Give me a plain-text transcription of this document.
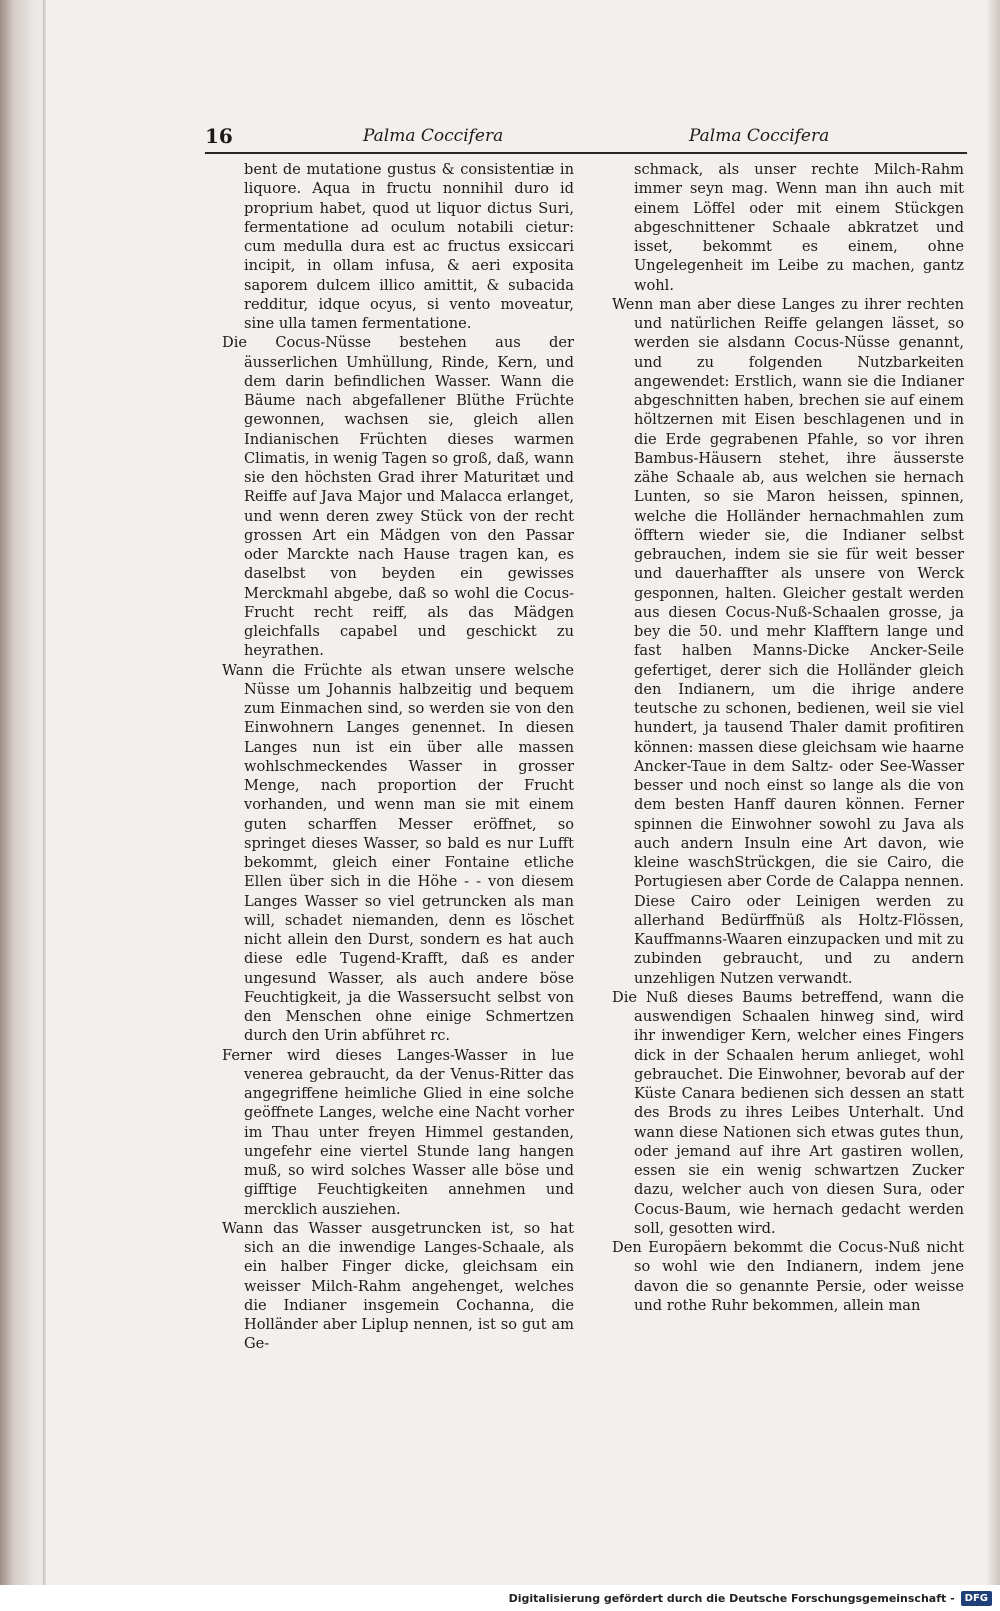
16	Palma Coccifera	Palma Coccifera

bent de mutatione gustus & consistentiæ in liquore. Aqua in fructu nonnihil duro id proprium habet, quod ut liquor dictus Suri, fermentatione ad oculum notabili cietur: cum medulla dura est ac fructus exsiccari incipit, in ollam infusa, & aeri exposita saporem dulcem illico amittit, & subacida redditur, idque ocyus, si vento moveatur, sine ulla tamen fermentatione.

Die Cocus-Nüsse bestehen aus der äusserlichen Umhüllung, Rinde, Kern, und dem darin befindlichen Wasser. Wann die Bäume nach abgefallener Blüthe Früchte gewonnen, wachsen sie, gleich allen Indianischen Früchten dieses warmen Climatis, in wenig Tagen so groß, daß, wann sie den höchsten Grad ihrer Maturitæt und Reiffe auf Java Major und Malacca erlanget, und wenn deren zwey Stück von der recht grossen Art ein Mädgen von den Passar oder Marckte nach Hause tragen kan, es daselbst von beyden ein gewisses Merckmahl abgebe, daß so wohl die Cocus-Frucht recht reiff, als das Mädgen gleichfalls capabel und geschickt zu heyrathen.

Wann die Früchte als etwan unsere welsche Nüsse um Johannis halbzeitig und bequem zum Einmachen sind, so werden sie von den Einwohnern Langes genennet. In diesen Langes nun ist ein über alle massen wohlschmeckendes Wasser in grosser Menge, nach proportion der Frucht vorhanden, und wenn man sie mit einem guten scharffen Messer eröffnet, so springet dieses Wasser, so bald es nur Lufft bekommt, gleich einer Fontaine etliche Ellen über sich in die Höhe - - von diesem Langes Wasser so viel getruncken als man will, schadet niemanden, denn es löschet nicht allein den Durst, sondern es hat auch diese edle Tugend-Krafft, daß es ander ungesund Wasser, als auch andere böse Feuchtigkeit, ja die Wassersucht selbst von den Menschen ohne einige Schmertzen durch den Urin abführet rc.

Ferner wird dieses Langes-Wasser in lue venerea gebraucht, da der Venus-Ritter das angegriffene heimliche Glied in eine solche geöffnete Langes, welche eine Nacht vorher im Thau unter freyen Himmel gestanden, ungefehr eine viertel Stunde lang hangen muß, so wird solches Wasser alle böse und gifftige Feuchtigkeiten annehmen und mercklich ausziehen.

Wann das Wasser ausgetruncken ist, so hat sich an die inwendige Langes-Schaale, als ein halber Finger dicke, gleichsam ein weisser Milch-Rahm angehenget, welches die Indianer insgemein Cochanna, die Holländer aber Liplup nennen, ist so gut am Ge-

schmack, als unser rechte Milch-Rahm immer seyn mag. Wenn man ihn auch mit einem Löffel oder mit einem Stückgen abgeschnittener Schaale abkratzet und isset, bekommt es einem, ohne Ungelegenheit im Leibe zu machen, gantz wohl.

Wenn man aber diese Langes zu ihrer rechten und natürlichen Reiffe gelangen lässet, so werden sie alsdann Cocus-Nüsse genannt, und zu folgenden Nutzbarkeiten angewendet: Erstlich, wann sie die Indianer abgeschnitten haben, brechen sie auf einem höltzernen mit Eisen beschlagenen und in die Erde gegrabenen Pfahle, so vor ihren Bambus-Häusern stehet, ihre äusserste zähe Schaale ab, aus welchen sie hernach Lunten, so sie Maron heissen, spinnen, welche die Holländer hernachmahlen zum öfftern wieder sie, die Indianer selbst gebrauchen, indem sie sie für weit besser und dauerhaffter als unsere von Werck gesponnen, halten. Gleicher gestalt werden aus diesen Cocus-Nuß-Schaalen grosse, ja bey die 50. und mehr Klafftern lange und fast halben Manns-Dicke Ancker-Seile gefertiget, derer sich die Holländer gleich den Indianern, um die ihrige andere teutsche zu schonen, bedienen, weil sie viel hundert, ja tausend Thaler damit profitiren können: massen diese gleichsam wie haarne Ancker-Taue in dem Saltz- oder See-Wasser besser und noch einst so lange als die von dem besten Hanff dauren können. Ferner spinnen die Einwohner sowohl zu Java als auch andern Insuln eine Art davon, wie kleine waschStrückgen, die sie Cairo, die Portugiesen aber Corde de Calappa nennen. Diese Cairo oder Leinigen werden zu allerhand Bedürffnüß als Holtz-Flössen, Kauffmanns-Waaren einzupacken und mit zu zubinden gebraucht, und zu andern unzehligen Nutzen verwandt.

Die Nuß dieses Baums betreffend, wann die auswendigen Schaalen hinweg sind, wird ihr inwendiger Kern, welcher eines Fingers dick in der Schaalen herum anlieget, wohl gebrauchet. Die Einwohner, bevorab auf der Küste Canara bedienen sich dessen an statt des Brods zu ihres Leibes Unterhalt. Und wann diese Nationen sich etwas gutes thun, oder jemand auf ihre Art gastiren wollen, essen sie ein wenig schwartzen Zucker dazu, welcher auch von diesen Sura, oder Cocus-Baum, wie hernach gedacht werden soll, gesotten wird.

Den Europäern bekommt die Cocus-Nuß nicht so wohl wie den Indianern, indem jene davon die so genannte Persie, oder weisse und rothe Ruhr bekommen, allein man

Digitalisierung gefördert durch die Deutsche Forschungsgemeinschaft -	DFG
